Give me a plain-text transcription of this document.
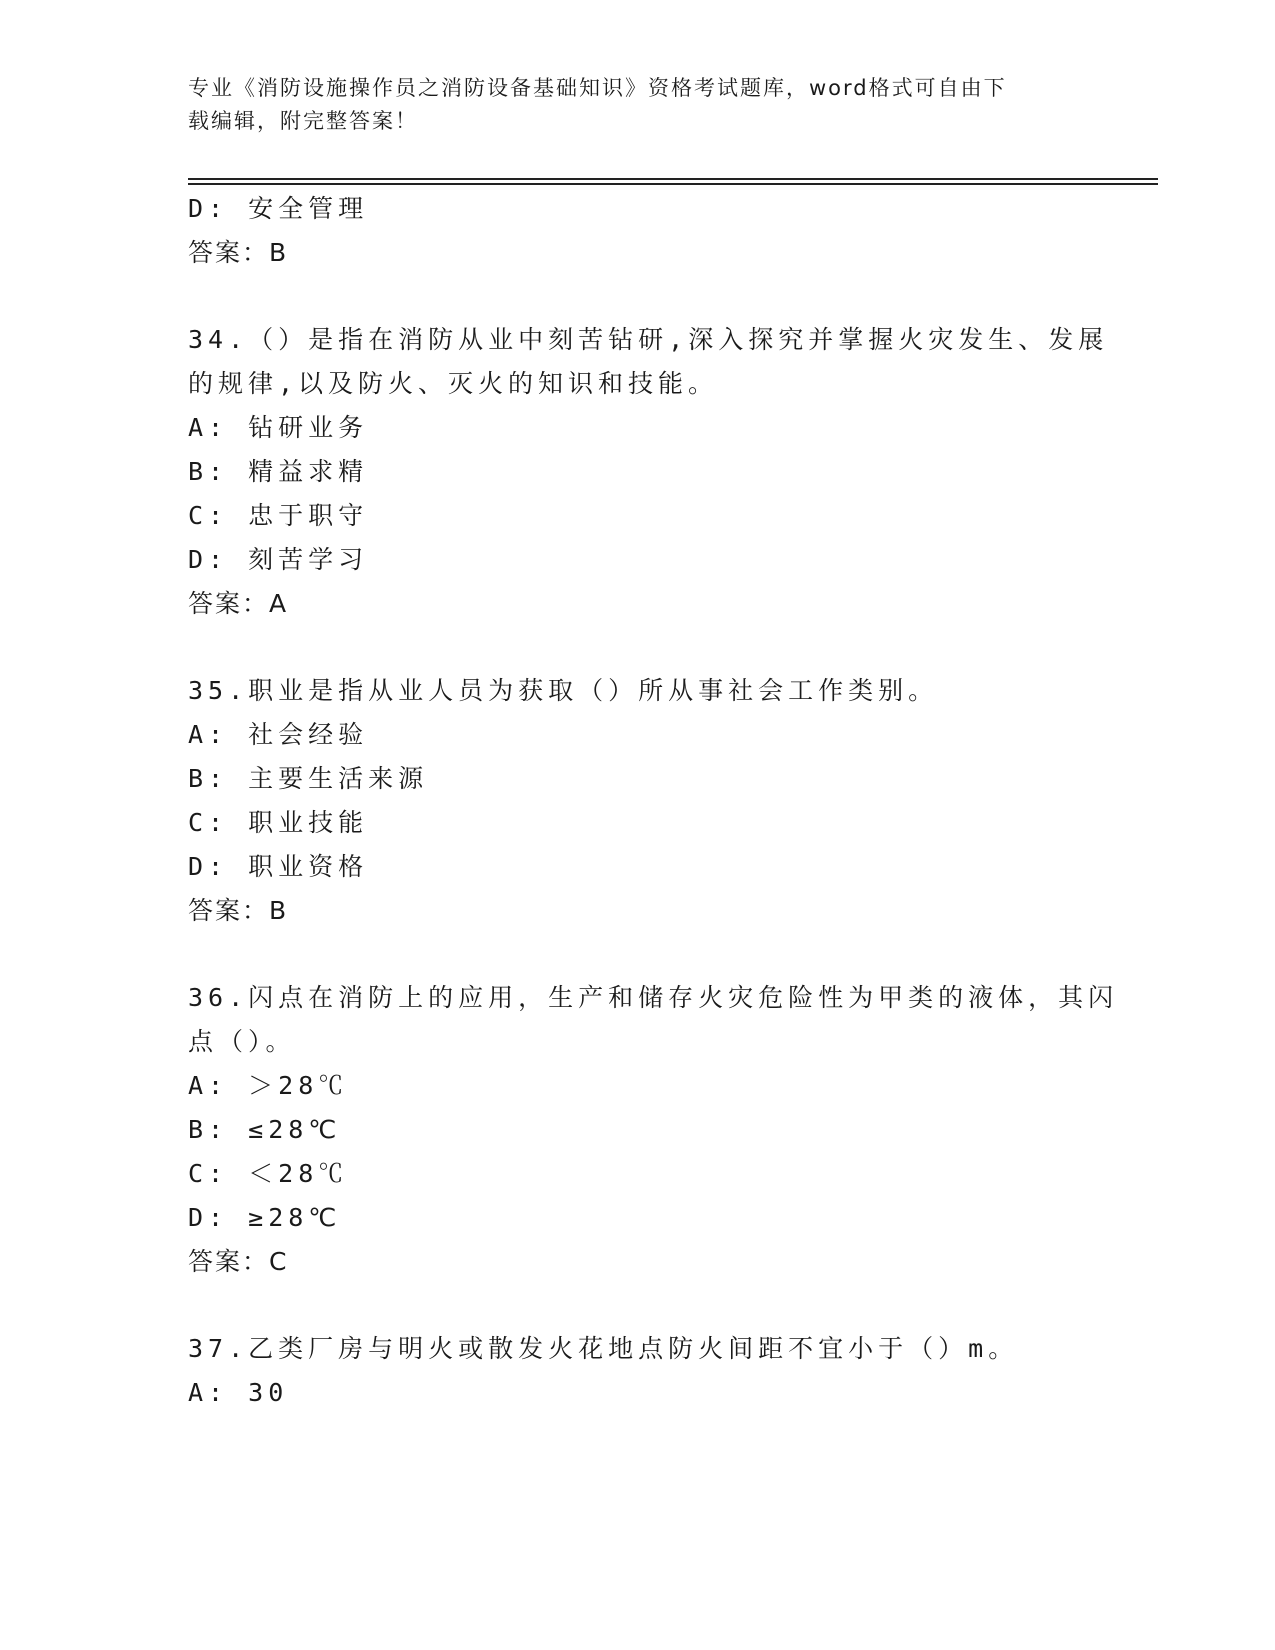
专业《消防设施操作员之消防设备基础知识》资格考试题库，word格式可自由下
载编辑，附完整答案！
D: 安全管理
答案：B
34.（）是指在消防从业中刻苦钻研,深入探究并掌握火灾发生、发展
的规律,以及防火、灭火的知识和技能。
A: 钻研业务
B: 精益求精
C: 忠于职守
D: 刻苦学习
答案：A
35.职业是指从业人员为获取（）所从事社会工作类别。
A: 社会经验
B: 主要生活来源
C: 职业技能
D: 职业资格
答案：B
36.闪点在消防上的应用，生产和储存火灾危险性为甲类的液体，其闪
点（）。
A: ＞28℃
B: ≤28℃
C: ＜28℃
D: ≥28℃
答案：C
37.乙类厂房与明火或散发火花地点防火间距不宜小于（）m。
A: 30
